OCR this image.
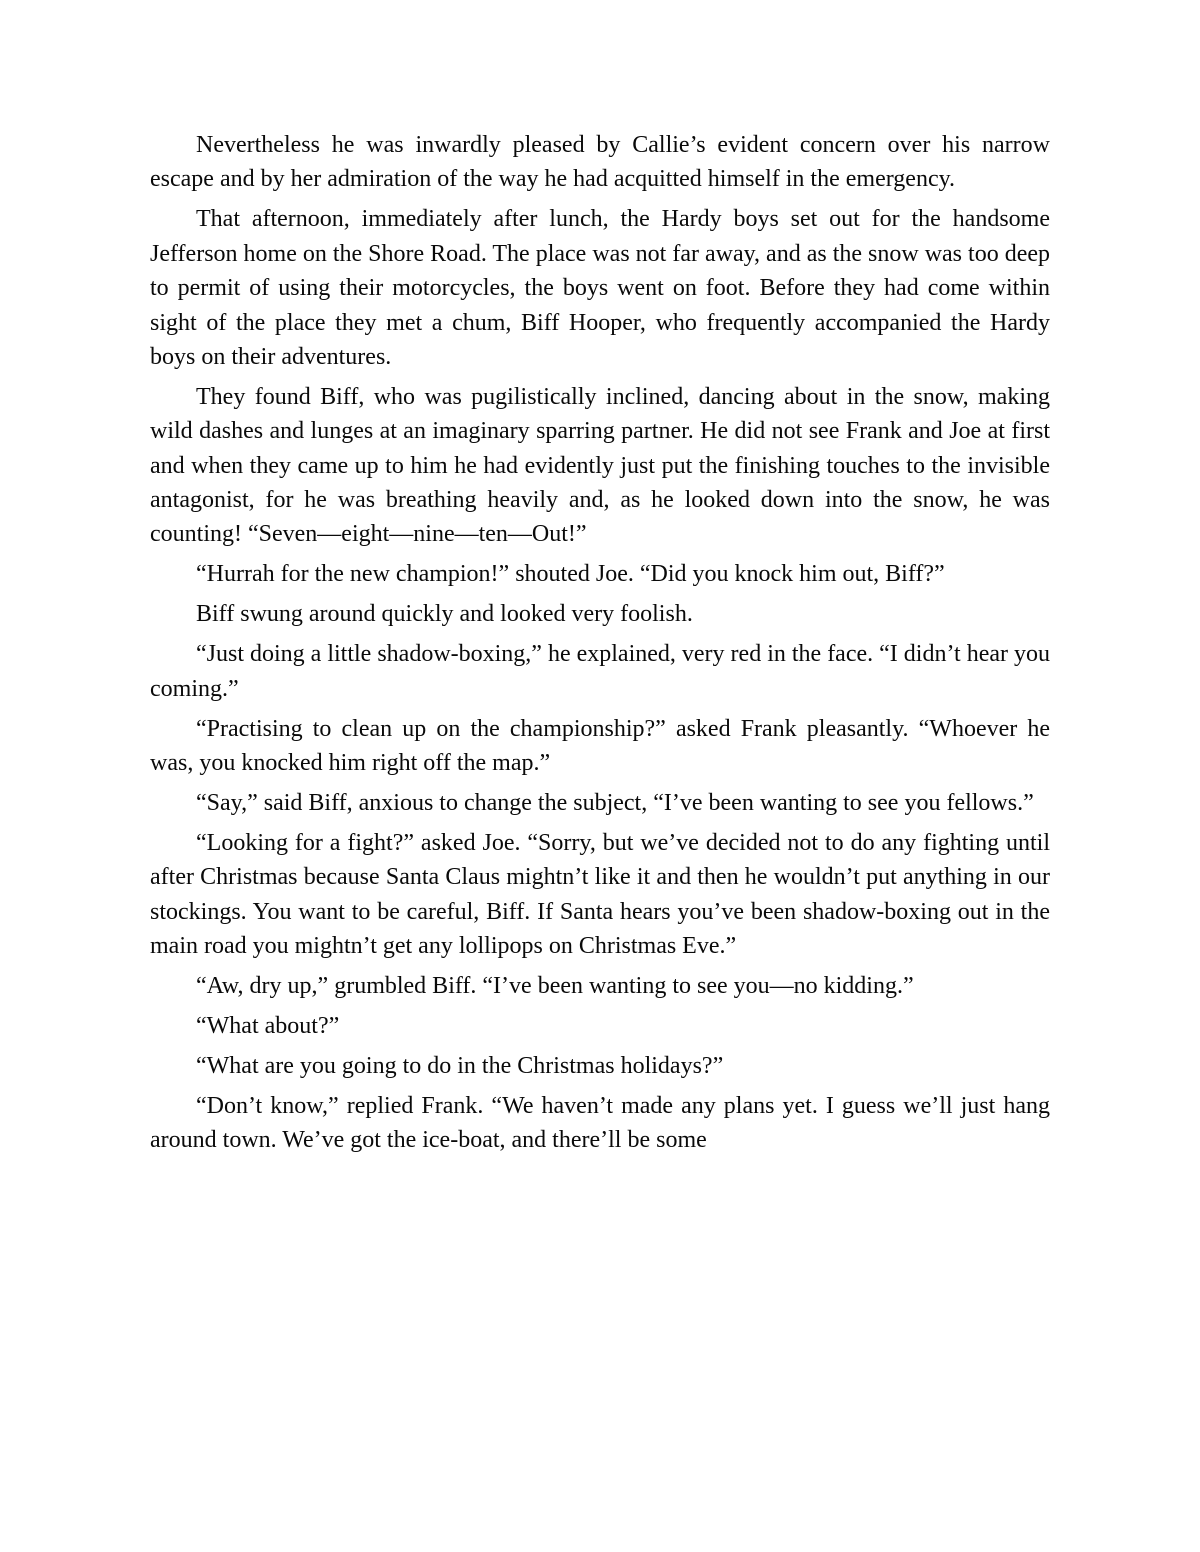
Nevertheless he was inwardly pleased by Callie’s evident concern over his narrow escape and by her admiration of the way he had acquitted himself in the emergency.

That afternoon, immediately after lunch, the Hardy boys set out for the handsome Jefferson home on the Shore Road. The place was not far away, and as the snow was too deep to permit of using their motorcycles, the boys went on foot. Before they had come within sight of the place they met a chum, Biff Hooper, who frequently accompanied the Hardy boys on their adventures.

They found Biff, who was pugilistically inclined, dancing about in the snow, making wild dashes and lunges at an imaginary sparring partner. He did not see Frank and Joe at first and when they came up to him he had evidently just put the finishing touches to the invisible antagonist, for he was breathing heavily and, as he looked down into the snow, he was counting! “Seven—eight—nine—ten—Out!”

“Hurrah for the new champion!” shouted Joe. “Did you knock him out, Biff?”

Biff swung around quickly and looked very foolish.

“Just doing a little shadow-boxing,” he explained, very red in the face. “I didn’t hear you coming.”

“Practising to clean up on the championship?” asked Frank pleasantly. “Whoever he was, you knocked him right off the map.”

“Say,” said Biff, anxious to change the subject, “I’ve been wanting to see you fellows.”

“Looking for a fight?” asked Joe. “Sorry, but we’ve decided not to do any fighting until after Christmas because Santa Claus mightn’t like it and then he wouldn’t put anything in our stockings. You want to be careful, Biff. If Santa hears you’ve been shadow-boxing out in the main road you mightn’t get any lollipops on Christmas Eve.”

“Aw, dry up,” grumbled Biff. “I’ve been wanting to see you—no kidding.”

“What about?”

“What are you going to do in the Christmas holidays?”

“Don’t know,” replied Frank. “We haven’t made any plans yet. I guess we’ll just hang around town. We’ve got the ice-boat, and there’ll be some
